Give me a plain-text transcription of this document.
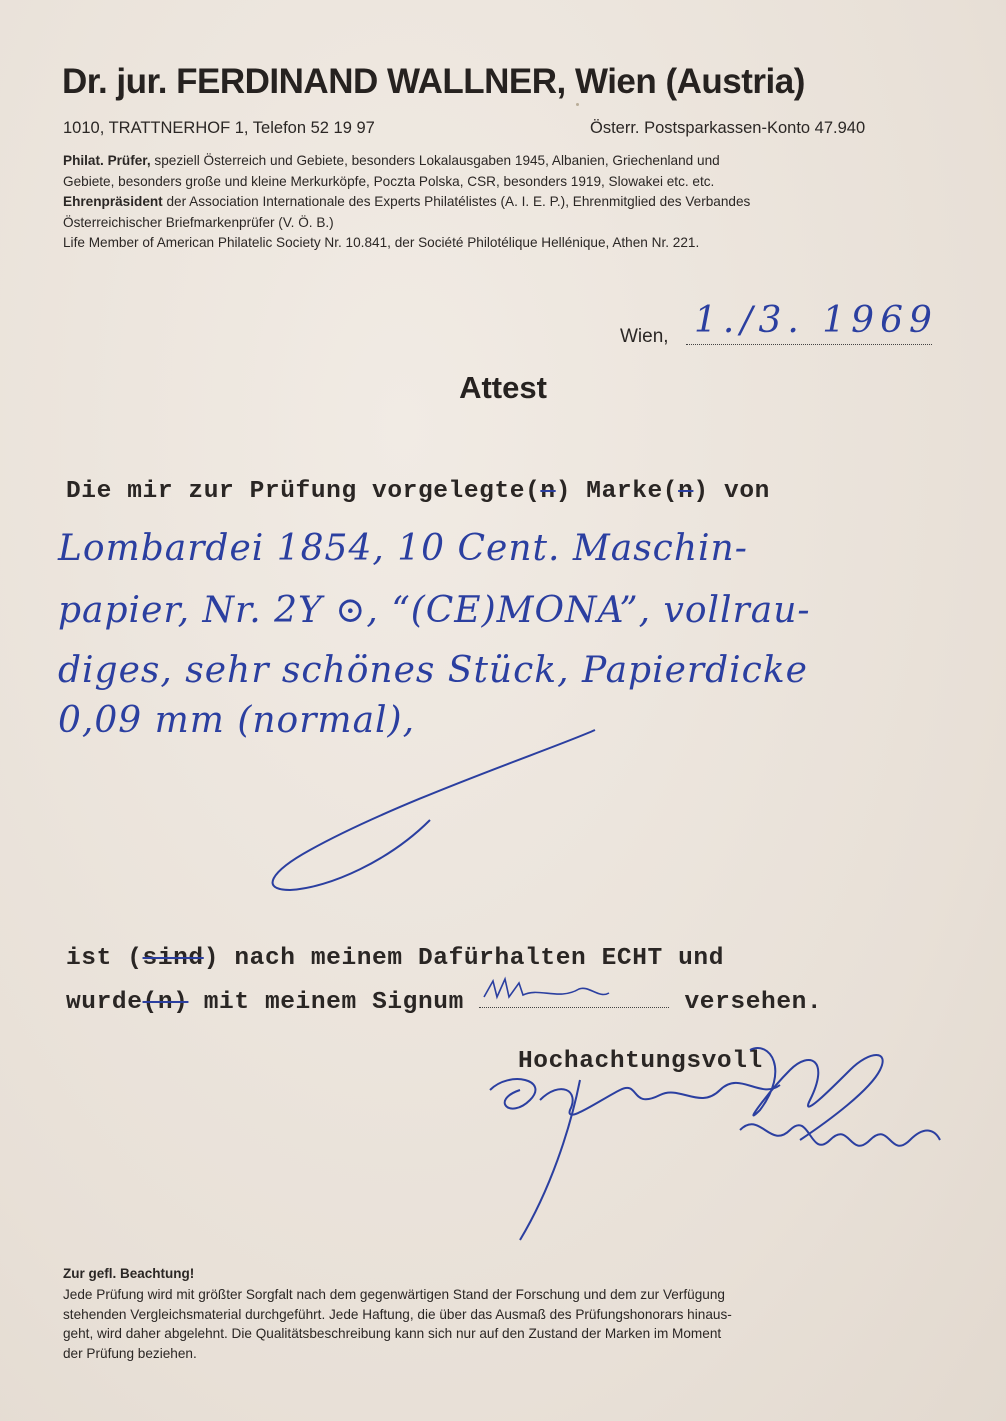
Dr. jur. FERDINAND WALLNER, Wien (Austria)
1010, TRATTNERHOF 1, Telefon 52 19 97	Österr. Postsparkassen-Konto 47.940
Philat. Prüfer, speziell Österreich und Gebiete, besonders Lokalausgaben 1945, Albanien, Griechenland und
Gebiete, besonders große und kleine Merkurköpfe, Poczta Polska, CSR, besonders 1919, Slowakei etc. etc.
Ehrenpräsident der Association Internationale des Experts Philatélistes (A. I. E. P.), Ehrenmitglied des Verbandes
Österreichischer Briefmarkenprüfer (V. Ö. B.)
Life Member of American Philatelic Society Nr. 10.841, der Société Philotélique Hellénique, Athen Nr. 221.
Wien, 1./3. 1969
Attest
Die mir zur Prüfung vorgelegte(n) Marke(n) von
Lombardei 1854, 10 Cent. Maschin-
papier, Nr. 2Y ⊙, “(CE)MONA”, vollrau-
diges, sehr schönes Stück, Papierdicke
0,09 mm (normal),
ist (sind) nach meinem Dafürhalten ECHT und
wurde(n) mit meinem Signum	versehen.
Hochachtungsvoll
Zur gefl. Beachtung!
Jede Prüfung wird mit größter Sorgfalt nach dem gegenwärtigen Stand der Forschung und dem zur Verfügung
stehenden Vergleichsmaterial durchgeführt. Jede Haftung, die über das Ausmaß des Prüfungshonorars hinaus-
geht, wird daher abgelehnt. Die Qualitätsbeschreibung kann sich nur auf den Zustand der Marken im Moment
der Prüfung beziehen.
